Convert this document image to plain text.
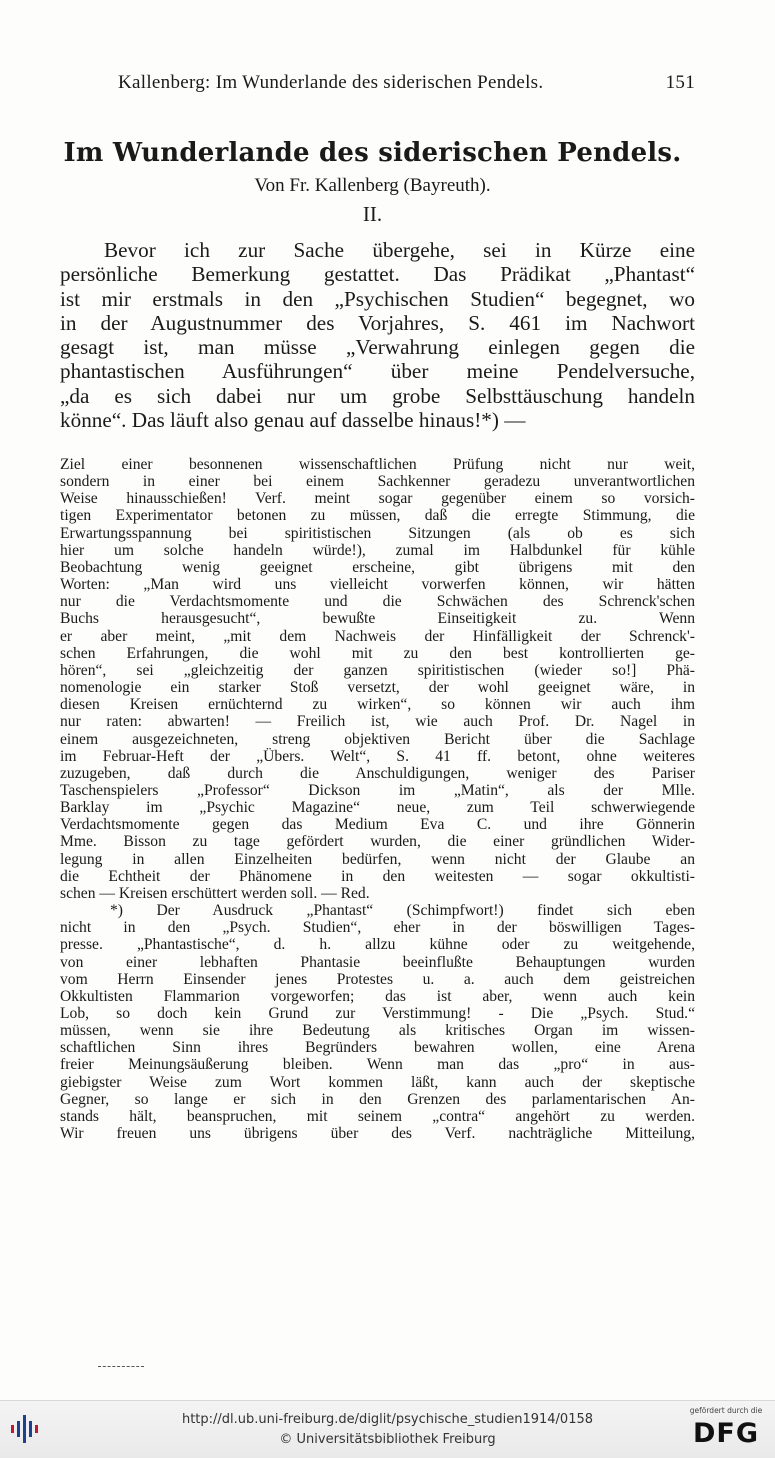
Kallenberg: Im Wunderlande des siderischen Pendels.	151
Im Wunderlande des siderischen Pendels.
Von Fr. Kallenberg (Bayreuth).
II.
Bevor ich zur Sache übergehe, sei in Kürze eine
persönliche Bemerkung gestattet. Das Prädikat „Phantast“
ist mir erstmals in den „Psychischen Studien“ begegnet, wo
in der Augustnummer des Vorjahres, S. 461 im Nachwort
gesagt ist, man müsse „Verwahrung einlegen gegen die
phantastischen Ausführungen“ über meine Pendelversuche,
„da es sich dabei nur um grobe Selbsttäuschung handeln
könne“. Das läuft also genau auf dasselbe hinaus!*) —
Ziel einer besonnenen wissenschaftlichen Prüfung nicht nur weit,
sondern in einer bei einem Sachkenner geradezu unverantwortlichen
Weise hinausschießen! Verf. meint sogar gegenüber einem so vorsich-
tigen Experimentator betonen zu müssen, daß die erregte Stimmung, die
Erwartungsspannung bei spiritistischen Sitzungen (als ob es sich
hier um solche handeln würde!), zumal im Halbdunkel für kühle
Beobachtung wenig geeignet erscheine, gibt übrigens mit den
Worten: „Man wird uns vielleicht vorwerfen können, wir hätten
nur die Verdachtsmomente und die Schwächen des Schrenck'schen
Buchs herausgesucht“, bewußte Einseitigkeit zu. Wenn
er aber meint, „mit dem Nachweis der Hinfälligkeit der Schrenck'-
schen Erfahrungen, die wohl mit zu den best kontrollierten ge-
hören“, sei „gleichzeitig der ganzen spiritistischen (wieder so!] Phä-
nomenologie ein starker Stoß versetzt, der wohl geeignet wäre, in
diesen Kreisen ernüchternd zu wirken“, so können wir auch ihm
nur raten: abwarten! — Freilich ist, wie auch Prof. Dr. Nagel in
einem ausgezeichneten, streng objektiven Bericht über die Sachlage
im Februar-Heft der „Übers. Welt“, S. 41 ff. betont, ohne weiteres
zuzugeben, daß durch die Anschuldigungen, weniger des Pariser
Taschenspielers „Professor“ Dickson im „Matin“, als der Mlle.
Barklay im „Psychic Magazine“ neue, zum Teil schwerwiegende
Verdachtsmomente gegen das Medium Eva C. und ihre Gönnerin
Mme. Bisson zu tage gefördert wurden, die einer gründlichen Wider-
legung in allen Einzelheiten bedürfen, wenn nicht der Glaube an
die Echtheit der Phänomene in den weitesten — sogar okkultisti-
schen — Kreisen erschüttert werden soll. — Red.
*) Der Ausdruck „Phantast“ (Schimpfwort!) findet sich eben
nicht in den „Psych. Studien“, eher in der böswilligen Tages-
presse. „Phantastische“, d. h. allzu kühne oder zu weitgehende,
von einer lebhaften Phantasie beeinflußte Behauptungen wurden
vom Herrn Einsender jenes Protestes u. a. auch dem geistreichen
Okkultisten Flammarion vorgeworfen; das ist aber, wenn auch kein
Lob, so doch kein Grund zur Verstimmung! - Die „Psych. Stud.“
müssen, wenn sie ihre Bedeutung als kritisches Organ im wissen-
schaftlichen Sinn ihres Begründers bewahren wollen, eine Arena
freier Meinungsäußerung bleiben. Wenn man das „pro“ in aus-
giebigster Weise zum Wort kommen läßt, kann auch der skeptische
Gegner, so lange er sich in den Grenzen des parlamentarischen An-
stands hält, beanspruchen, mit seinem „contra“ angehört zu werden.
Wir freuen uns übrigens über des Verf. nachträgliche Mitteilung,
http://dl.ub.uni-freiburg.de/diglit/psychische_studien1914/0158
© Universitätsbibliothek Freiburg
gefördert durch die
DFG
